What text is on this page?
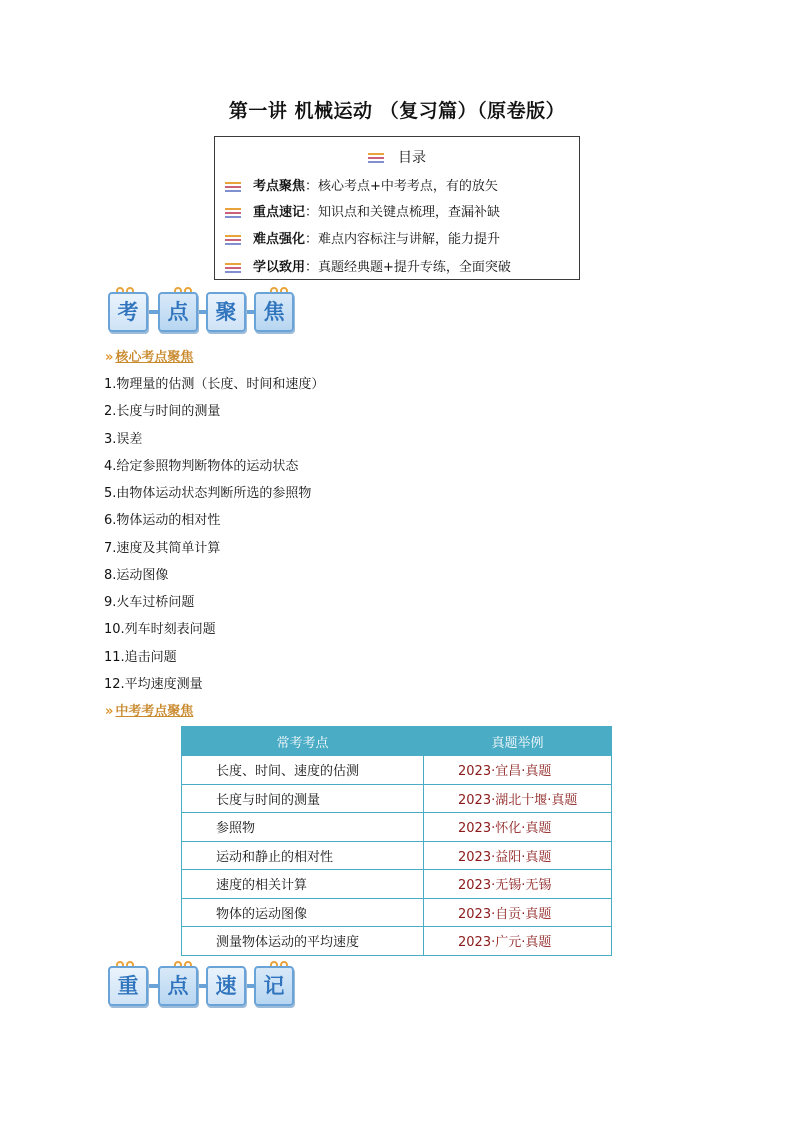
第一讲 机械运动 （复习篇）（原卷版）
目录
考点聚焦：核心考点+中考考点，有的放矢
重点速记：知识点和关键点梳理，查漏补缺
难点强化：难点内容标注与讲解，能力提升
学以致用：真题经典题+提升专练，全面突破
考	点	聚	焦
» 核心考点聚焦
1.物理量的估测（长度、时间和速度）
2.长度与时间的测量
3.误差
4.给定参照物判断物体的运动状态
5.由物体运动状态判断所选的参照物
6.物体运动的相对性
7.速度及其简单计算
8.运动图像
9.火车过桥问题
10.列车时刻表问题
11.追击问题
12.平均速度测量
» 中考考点聚焦
常考考点	真题举例
长度、时间、速度的估测	2023·宜昌·真题
长度与时间的测量	2023·湖北十堰·真题
参照物	2023·怀化·真题
运动和静止的相对性	2023·益阳·真题
速度的相关计算	2023·无锡·无锡
物体的运动图像	2023·自贡·真题
测量物体运动的平均速度	2023·广元·真题
重	点	速	记
